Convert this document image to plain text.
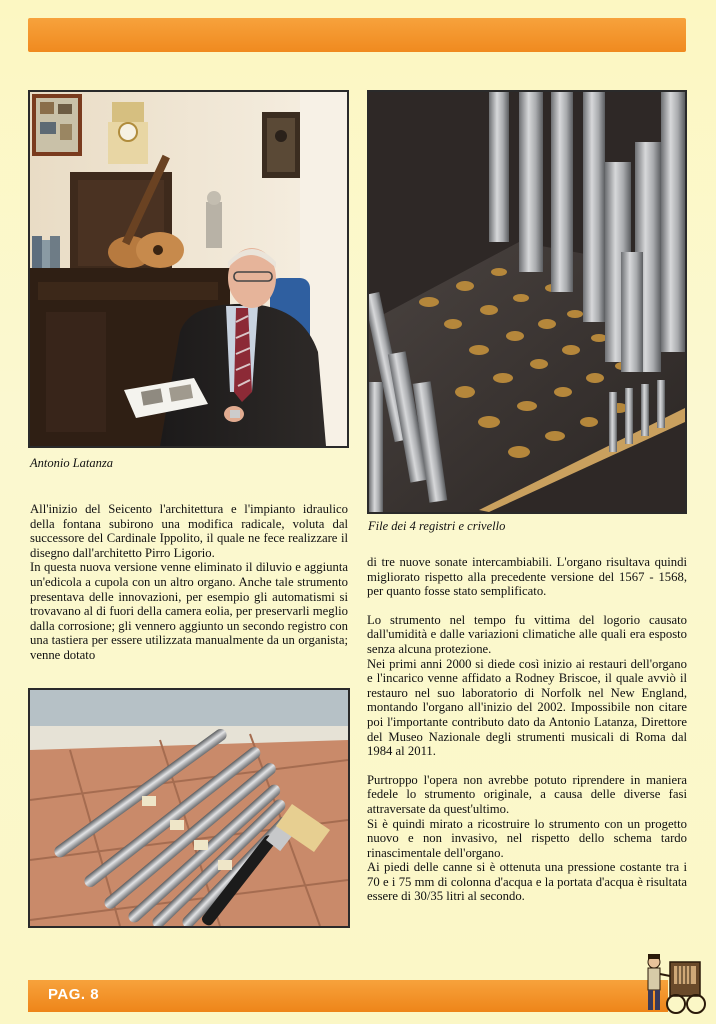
Antonio Latanza
File dei 4 registri e crivello

All'inizio del Seicento l'architettura e l'impianto idraulico della fontana subirono una modifica radicale, voluta dal successore del Cardinale Ippolito, il quale ne fece realizzare il disegno dall'architetto Pirro Ligorio.

In questa nuova versione venne eliminato il diluvio e aggiunta un'edicola a cupola con un altro organo. Anche tale strumento presentava delle innovazioni, per esempio gli automatismi si trovavano al di fuori della camera eolia, per preservarli meglio dalla corrosione; gli vennero aggiunto un secondo registro con una tastiera per essere utilizzata manualmente da un organista; venne dotato

di tre nuove sonate intercambiabili. L'organo risultava quindi migliorato rispetto alla precedente versione del 1567 - 1568, per quanto fosse stato semplificato.

Lo strumento nel tempo fu vittima del logorio causato dall'umidità e dalle variazioni climatiche alle quali era esposto senza alcuna protezione.

Nei primi anni 2000 si diede così inizio ai restauri dell'organo e l'incarico venne affidato a Rodney Briscoe, il quale avviò il restauro nel suo laboratorio di Norfolk nel New England, montando l'organo all'inizio del 2002. Impossibile non citare poi l'importante contributo dato da Antonio Latanza, Direttore del Museo Nazionale degli strumenti musicali di Roma dal 1984 al 2011.

Purtroppo l'opera non avrebbe potuto riprendere in maniera fedele lo strumento originale, a causa delle diverse fasi attraversate da quest'ultimo.

Si è quindi mirato a ricostruire lo strumento con un progetto nuovo e non invasivo, nel rispetto dello schema tardo rinascimentale dell'organo.

Ai piedi delle canne si è ottenuta una pressione costante tra i 70 e i 75 mm di colonna d'acqua e la portata d'acqua è risultata essere di 30/35 litri al secondo.

PAG. 8
